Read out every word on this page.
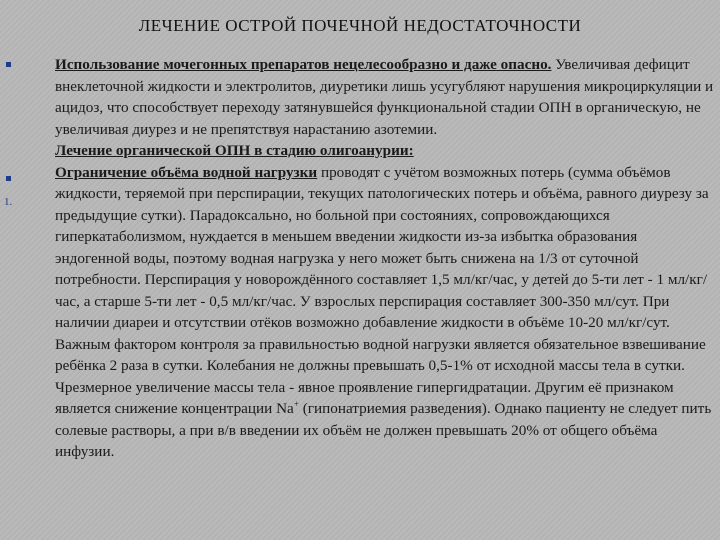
ЛЕЧЕНИЕ ОСТРОЙ ПОЧЕЧНОЙ НЕДОСТАТОЧНОСТИ
1.

Использование мочегонных препаратов нецелесообразно и даже опасно. Увеличивая дефицит внеклеточной жидкости и электролитов, диуретики лишь усугубляют нарушения микроциркуляции и ацидоз, что способствует переходу затянувшейся функциональной стадии ОПН в органическую, не увеличивая диурез и не препятствуя нарастанию азотемии.

Лечение органической ОПН в стадию олигоанурии:

Ограничение объёма водной нагрузки проводят с учётом возможных потерь (сумма объёмов жидкости, теряемой при перспирации, текущих патологических потерь и объёма, равного диурезу за предыдущие сутки). Парадоксально, но больной при состояниях, сопровождающихся гиперкатаболизмом, нуждается в меньшем введении жидкости из-за избытка образования эндогенной воды, поэтому водная нагрузка у него может быть снижена на 1/3 от суточной потребности. Перспирация у новорождённого составляет 1,5 мл/кг/час, у детей до 5-ти лет - 1 мл/кг/час, а старше 5-ти лет - 0,5 мл/кг/час. У взрослых перспирация составляет 300-350 мл/сут. При наличии диареи и отсутствии отёков возможно добавление жидкости в объёме 10-20 мл/кг/сут. Важным фактором контроля за правильностью водной нагрузки является обязательное взвешивание ребёнка 2 раза в сутки. Колебания не должны превышать 0,5-1% от исходной массы тела в сутки. Чрезмерное увеличение массы тела - явное проявление гипергидратации. Другим её признаком является снижение концентрации Na+ (гипонатриемия разведения). Однако пациенту не следует пить солевые растворы, а при в/в введении их объём не должен превышать 20% от общего объёма инфузии.
